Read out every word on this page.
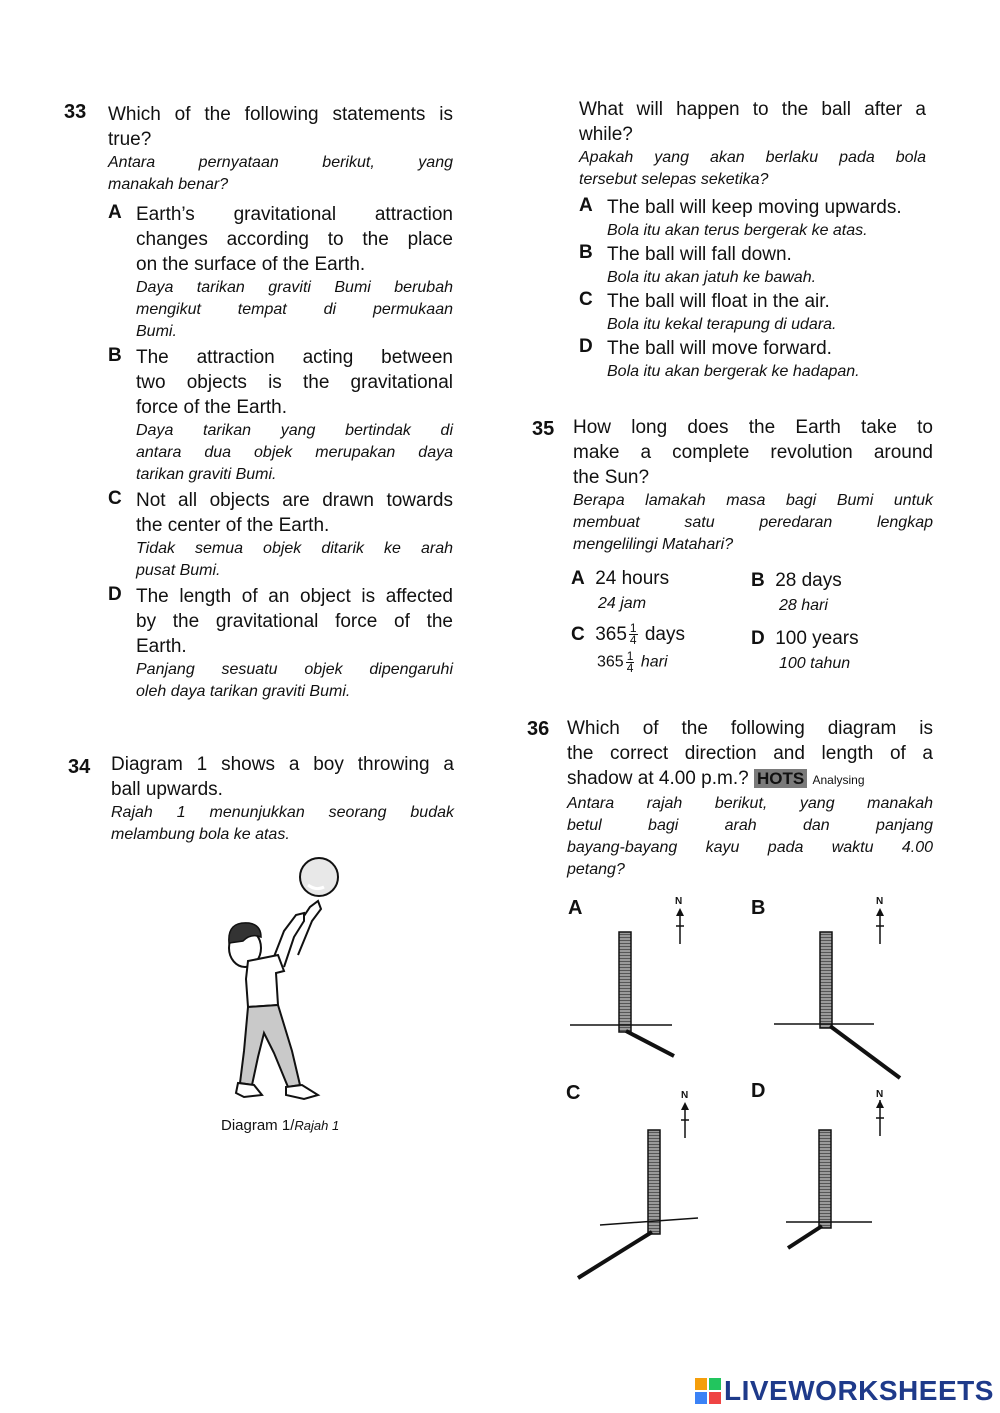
33 Which of the following statements is
true?
Antara pernyataan berikut, yang
manakah benar?
A Earth’s gravitational attraction
changes according to the place
on the surface of the Earth.
Daya tarikan graviti Bumi berubah
mengikut tempat di permukaan
Bumi.
B The attraction acting between
two objects is the gravitational
force of the Earth.
Daya tarikan yang bertindak di
antara dua objek merupakan daya
tarikan graviti Bumi.
C Not all objects are drawn towards
the center of the Earth.
Tidak semua objek ditarik ke arah
pusat Bumi.
D The length of an object is affected
by the gravitational force of the
Earth.
Panjang sesuatu objek dipengaruhi
oleh daya tarikan graviti Bumi.
34 Diagram 1 shows a boy throwing a
ball upwards.
Rajah 1 menunjukkan seorang budak
melambung bola ke atas.
Diagram 1/Rajah 1
What will happen to the ball after a
while?
Apakah yang akan berlaku pada bola
tersebut selepas seketika?
A The ball will keep moving upwards.
Bola itu akan terus bergerak ke atas.
B The ball will fall down.
Bola itu akan jatuh ke bawah.
C The ball will float in the air.
Bola itu kekal terapung di udara.
D The ball will move forward.
Bola itu akan bergerak ke hadapan.
35 How long does the Earth take to
make a complete revolution around
the Sun?
Berapa lamakah masa bagi Bumi untuk
membuat satu peredaran lengkap
mengelilingi Matahari?
A 24 hours
24 jam
B 28 days
28 hari
C $365 \frac{1}{4}$ days
$365 \frac{1}{4}$ hari
D 100 years
100 tahun
36 Which of the following diagram is
the correct direction and length of a
shadow at 4.00 p.m.? HOTS Analysing
Antara rajah berikut, yang manakah
betul bagi arah dan panjang
bayang-bayang kayu pada waktu 4.00
petang?
A	B
C	D
N	N
N	N
LIVEWORKSHEETS
